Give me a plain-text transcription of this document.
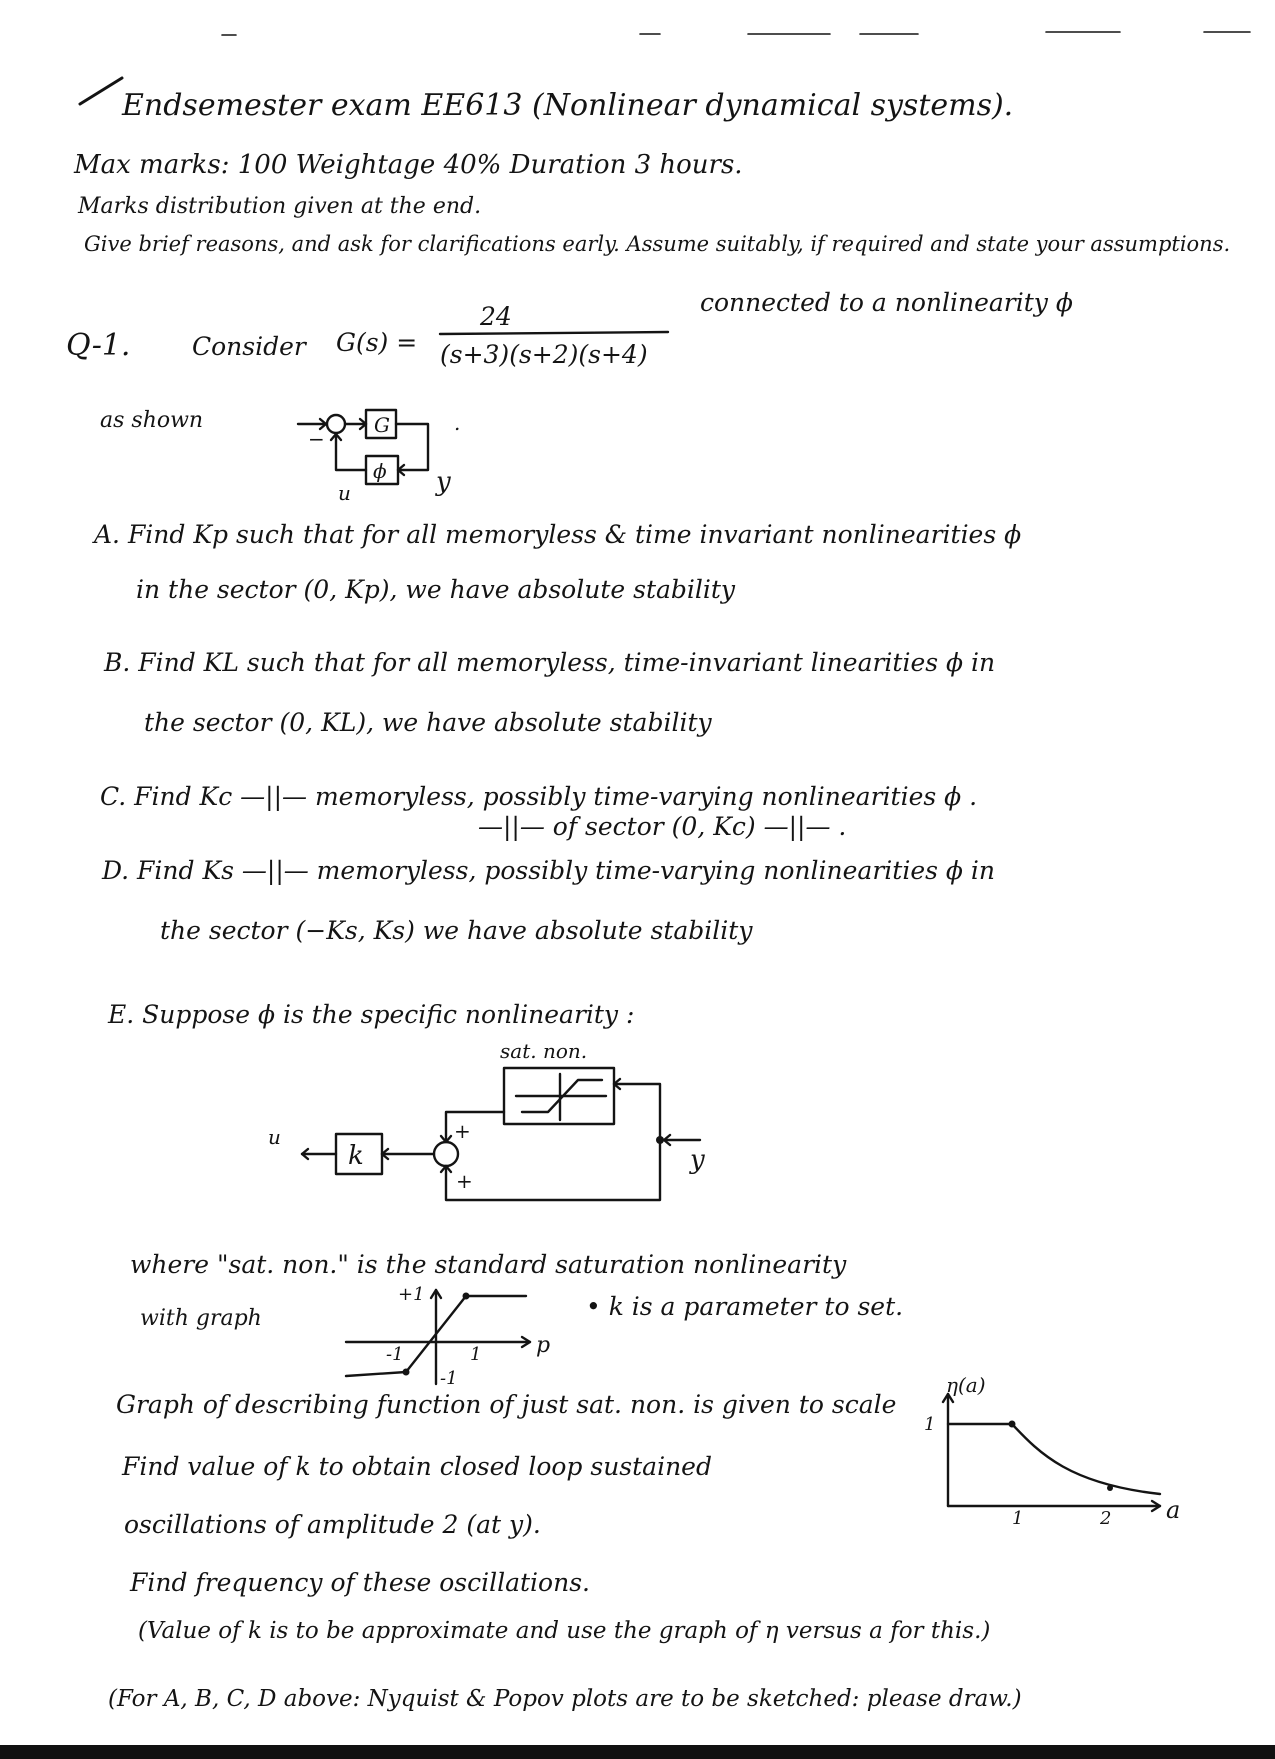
Endsemester exam EE613 (Nonlinear dynamical systems).
Max marks: 100 Weightage 40% Duration 3 hours.
Marks distribution given at the end.
Give brief reasons, and ask for clarifications early. Assume suitably, if required and state your assumptions.
Q-1. Consider G(s) =
24
(s+3)(s+2)(s+4)
connected to a nonlinearity ϕ
as shown	G
ϕ
−
u	y
.
A. Find Kp such that for all memoryless & time invariant nonlinearities ϕ
in the sector (0, Kp), we have absolute stability
B. Find KL such that for all memoryless, time-invariant linearities ϕ in
the sector (0, KL), we have absolute stability
C. Find Kc —||— memoryless, possibly time-varying nonlinearities ϕ .
—||— of sector (0, Kc) —||— .
D. Find Ks —||— memoryless, possibly time-varying nonlinearities ϕ in
the sector (−Ks, Ks) we have absolute stability
E. Suppose ϕ is the specific nonlinearity :
sat. non.
y
+
+
k
u
where "sat. non." is the standard saturation nonlinearity
with graph
+1
-1
1
-1	p
• k is a parameter to set.
Graph of describing function of just sat. non. is given to scale
Find value of k to obtain closed loop sustained
oscillations of amplitude 2 (at y).
Find frequency of these oscillations.
(Value of k is to be approximate and use the graph of η versus a for this.)
η(a)
1
1	2 a
(For A, B, C, D above: Nyquist & Popov plots are to be sketched: please draw.)
